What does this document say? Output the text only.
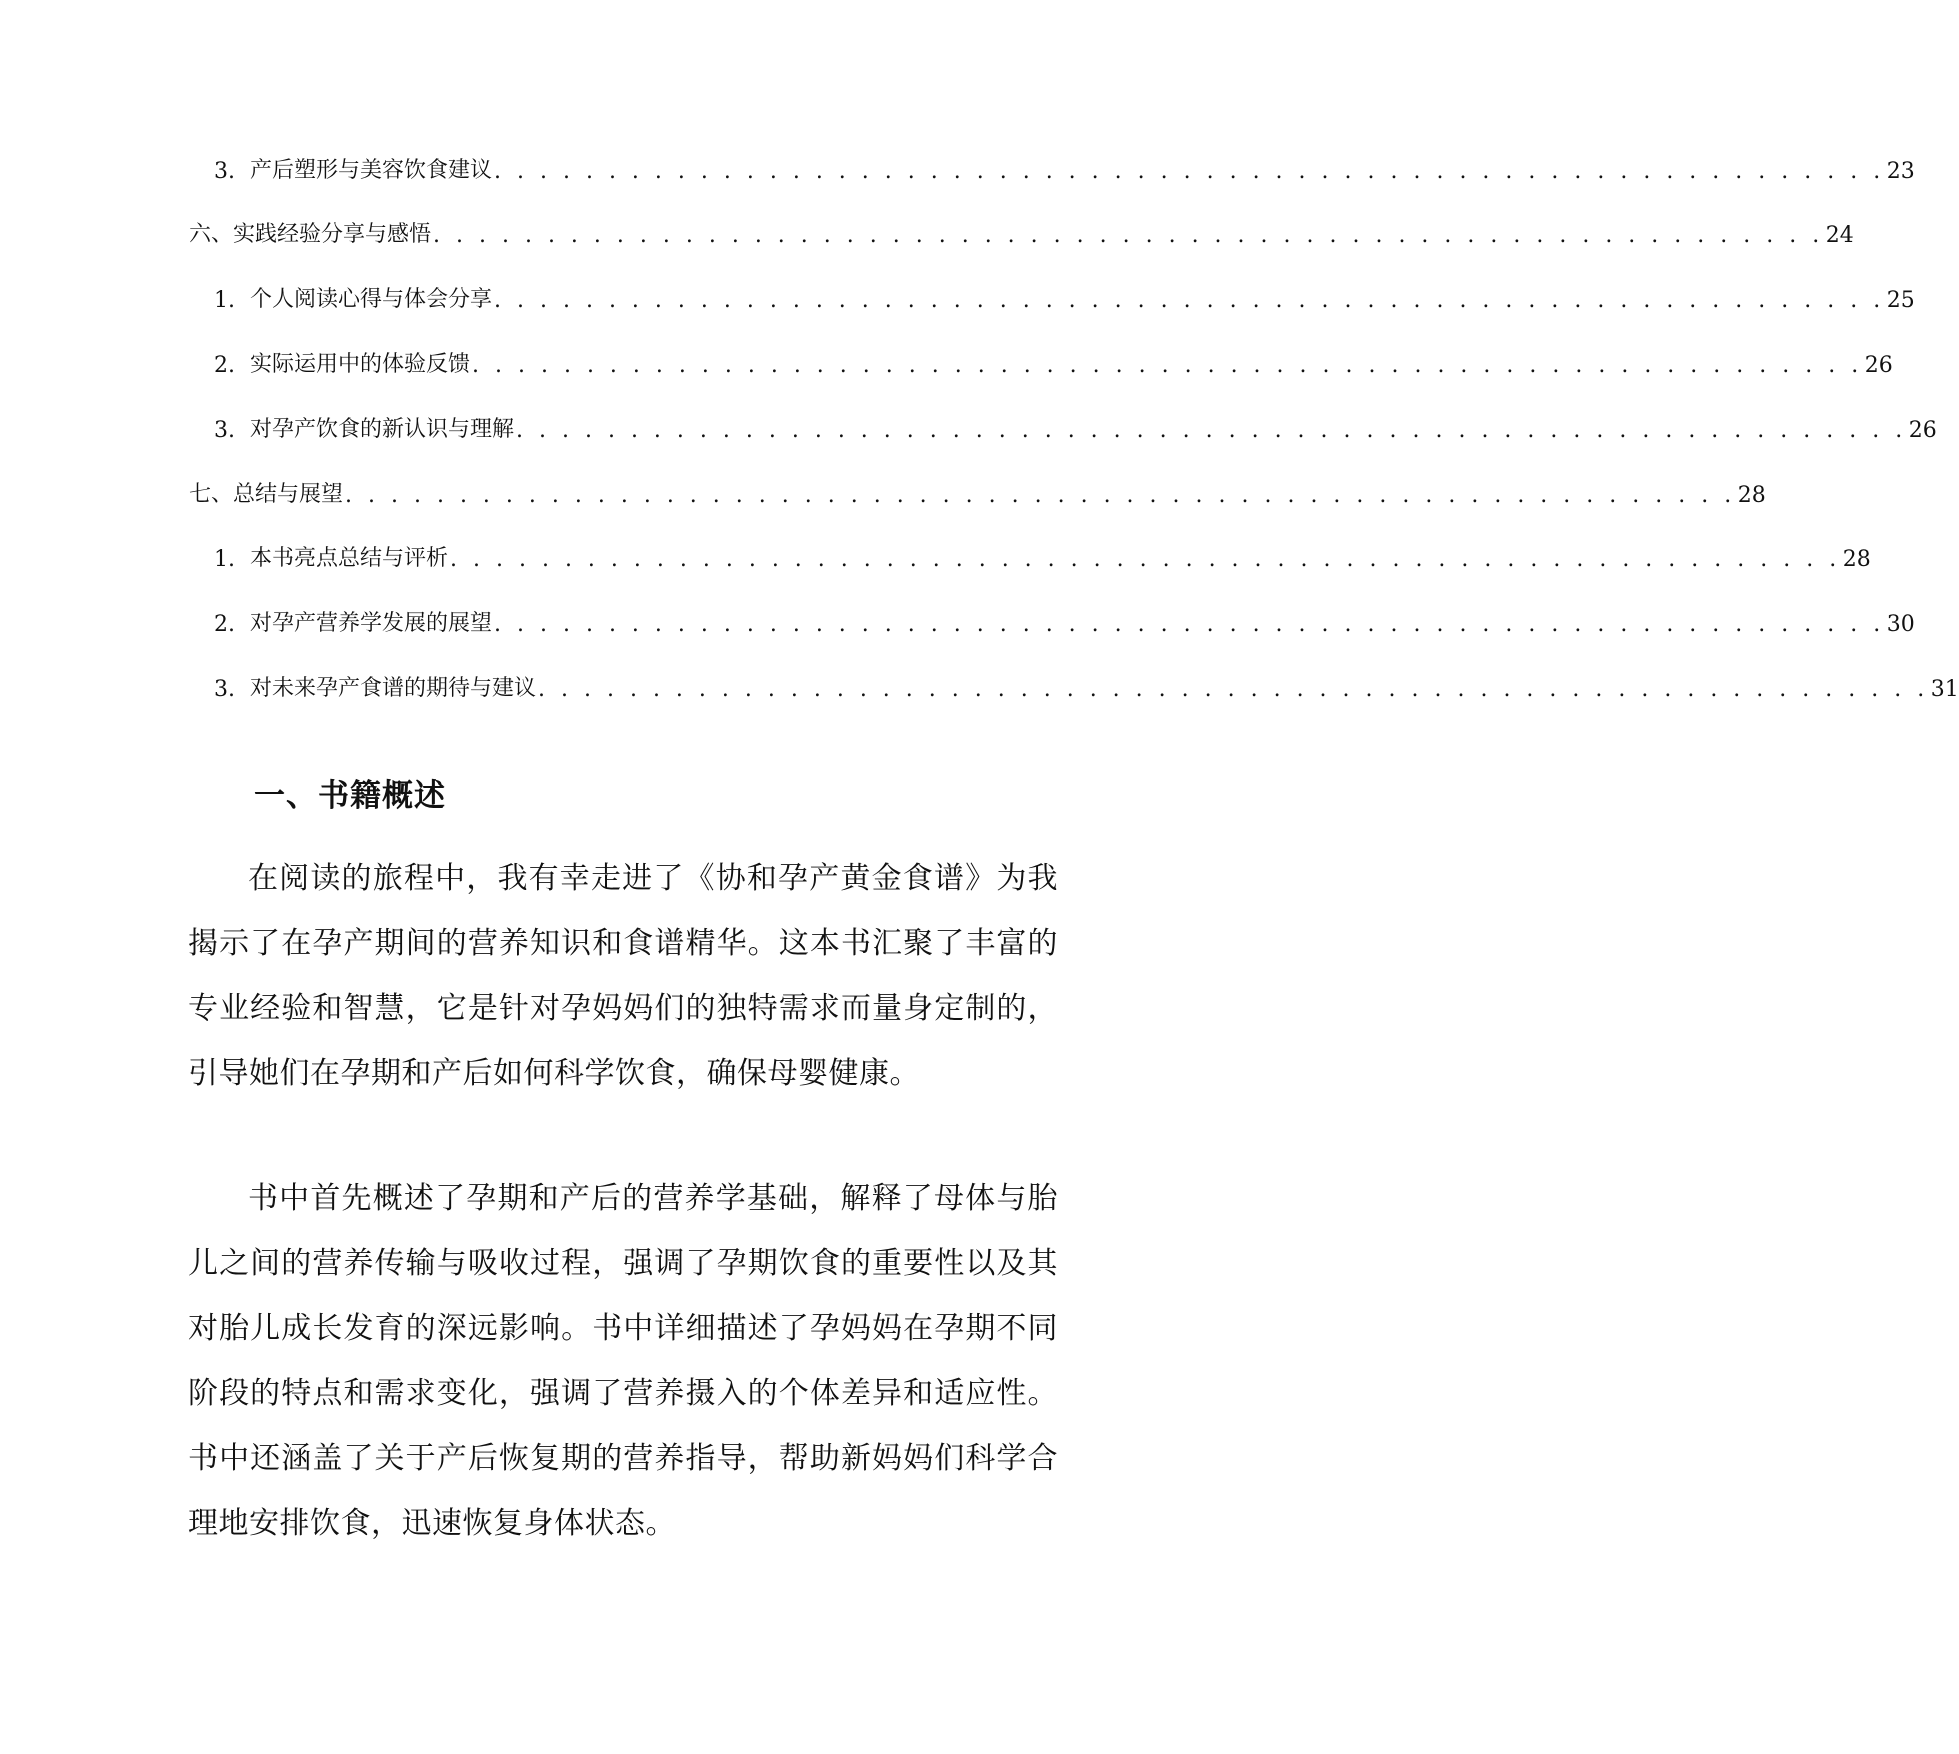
3. 产后塑形与美容饮食建议 . . . . . . . . . . . . . . . . . . . . . . . . . . . . . . . . . . . . . . . . . . . . . . . . . . . . . . . . . . . . . 23
六、实践经验分享与感悟 . . . . . . . . . . . . . . . . . . . . . . . . . . . . . . . . . . . . . . . . . . . . . . . . . . . . . . . . . . . . . 24
1. 个人阅读心得与体会分享 . . . . . . . . . . . . . . . . . . . . . . . . . . . . . . . . . . . . . . . . . . . . . . . . . . . . . . . . . . . . . 25
2. 实际运用中的体验反馈 . . . . . . . . . . . . . . . . . . . . . . . . . . . . . . . . . . . . . . . . . . . . . . . . . . . . . . . . . . . . . 26
3. 对孕产饮食的新认识与理解 . . . . . . . . . . . . . . . . . . . . . . . . . . . . . . . . . . . . . . . . . . . . . . . . . . . . . . . . . . . . . 26
七、总结与展望 . . . . . . . . . . . . . . . . . . . . . . . . . . . . . . . . . . . . . . . . . . . . . . . . . . . . . . . . . . . . . 28
1. 本书亮点总结与评析 . . . . . . . . . . . . . . . . . . . . . . . . . . . . . . . . . . . . . . . . . . . . . . . . . . . . . . . . . . . . . 28
2. 对孕产营养学发展的展望 . . . . . . . . . . . . . . . . . . . . . . . . . . . . . . . . . . . . . . . . . . . . . . . . . . . . . . . . . . . . . 30
3. 对未来孕产食谱的期待与建议 . . . . . . . . . . . . . . . . . . . . . . . . . . . . . . . . . . . . . . . . . . . . . . . . . . . . . . . . . . . . . 31
一、书籍概述

在阅读的旅程中，我有幸走进了《协和孕产黄金食谱》为我揭示了在孕产期间的营养知识和食谱精华。这本书汇聚了丰富的专业经验和智慧，它是针对孕妈妈们的独特需求而量身定制的，引导她们在孕期和产后如何科学饮食，确保母婴健康。

书中首先概述了孕期和产后的营养学基础，解释了母体与胎儿之间的营养传输与吸收过程，强调了孕期饮食的重要性以及其对胎儿成长发育的深远影响。书中详细描述了孕妈妈在孕期不同阶段的特点和需求变化，强调了营养摄入的个体差异和适应性。书中还涵盖了关于产后恢复期的营养指导，帮助新妈妈们科学合理地安排饮食，迅速恢复身体状态。
